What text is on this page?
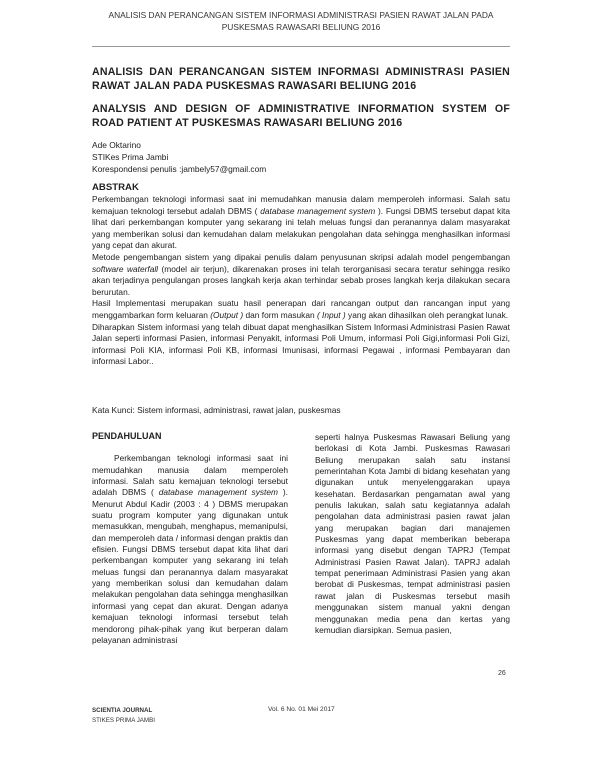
ANALISIS DAN PERANCANGAN SISTEM INFORMASI ADMINISTRASI PASIEN RAWAT JALAN PADA
PUSKESMAS RAWASARI BELIUNG 2016
ANALISIS DAN PERANCANGAN SISTEM INFORMASI ADMINISTRASI PASIEN RAWAT JALAN PADA PUSKESMAS RAWASARI BELIUNG 2016
ANALYSIS AND DESIGN OF ADMINISTRATIVE INFORMATION SYSTEM OF ROAD PATIENT AT PUSKESMAS RAWASARI BELIUNG 2016
Ade Oktarino
STIKes Prima Jambi
Korespondensi penulis :jambely57@gmail.com
ABSTRAK

Perkembangan teknologi informasi saat ini memudahkan manusia dalam memperoleh informasi. Salah satu kemajuan teknologi tersebut adalah DBMS ( database management system ). Fungsi DBMS tersebut dapat kita lihat dari perkembangan komputer yang sekarang ini telah meluas fungsi dan peranannya dalam masyarakat yang memberikan solusi dan kemudahan dalam melakukan pengolahan data sehingga menghasilkan informasi yang cepat dan akurat.

Metode pengembangan sistem yang dipakai penulis dalam penyusunan skripsi adalah model pengembangan software waterfall (model air terjun), dikarenakan proses ini telah terorganisasi secara teratur sehingga resiko akan terjadinya pengulangan proses langkah kerja akan terhindar sebab proses langkah kerja dilakukan secara berurutan.

Hasil Implementasi merupakan suatu hasil penerapan dari rancangan output dan rancangan input yang menggambarkan form keluaran (Output ) dan form masukan ( Input ) yang akan dihasilkan oleh perangkat lunak.

Diharapkan Sistem informasi yang telah dibuat dapat menghasilkan Sistem Informasi Administrasi Pasien Rawat Jalan seperti informasi Pasien, informasi Penyakit, informasi Poli Umum, informasi Poli Gigi,informasi Poli Gizi, informasi Poli KIA, informasi Poli KB, informasi Imunisasi, informasi Pegawai , informasi Pembayaran dan informasi Labor..

Kata Kunci: Sistem informasi, administrasi, rawat jalan, puskesmas
PENDAHULUAN

Perkembangan teknologi informasi saat ini memudahkan manusia dalam memperoleh informasi. Salah satu kemajuan teknologi tersebut adalah DBMS ( database management system ). Menurut Abdul Kadir (2003 : 4 ) DBMS merupakan suatu program komputer yang digunakan untuk memasukkan, mengubah, menghapus, memanipulsi, dan memperoleh data / informasi dengan praktis dan efisien. Fungsi DBMS tersebut dapat kita lihat dari perkembangan komputer yang sekarang ini telah meluas fungsi dan peranannya dalam masyarakat yang memberikan solusi dan kemudahan dalam melakukan pengolahan data sehingga menghasilkan informasi yang cepat dan akurat. Dengan adanya kemajuan teknologi informasi tersebut telah mendorong pihak-pihak yang ikut berperan dalam pelayanan administrasi

seperti halnya Puskesmas Rawasari Beliung yang berlokasi di Kota Jambi. Puskesmas Rawasari Beliung merupakan salah satu instansi pemerintahan Kota Jambi di bidang kesehatan yang digunakan untuk menyelenggarakan upaya kesehatan. Berdasarkan pengamatan awal yang penulis lakukan, salah satu kegiatannya adalah pengolahan data administrasi pasien rawat jalan yang merupakan bagian dari manajemen Puskesmas yang dapat memberikan beberapa informasi yang disebut dengan TAPRJ (Tempat Administrasi Pasien Rawat Jalan). TAPRJ adalah tempat penerimaan Administrasi Pasien yang akan berobat di Puskesmas, tempat administrasi pasien rawat jalan di Puskesmas tersebut masih menggunakan sistem manual yakni dengan menggunakan media pena dan kertas yang kemudian diarsipkan. Semua pasien,

26
SCIENTIA JOURNAL
STIKES PRIMA JAMBI
Vol. 6 No. 01 Mei 2017
